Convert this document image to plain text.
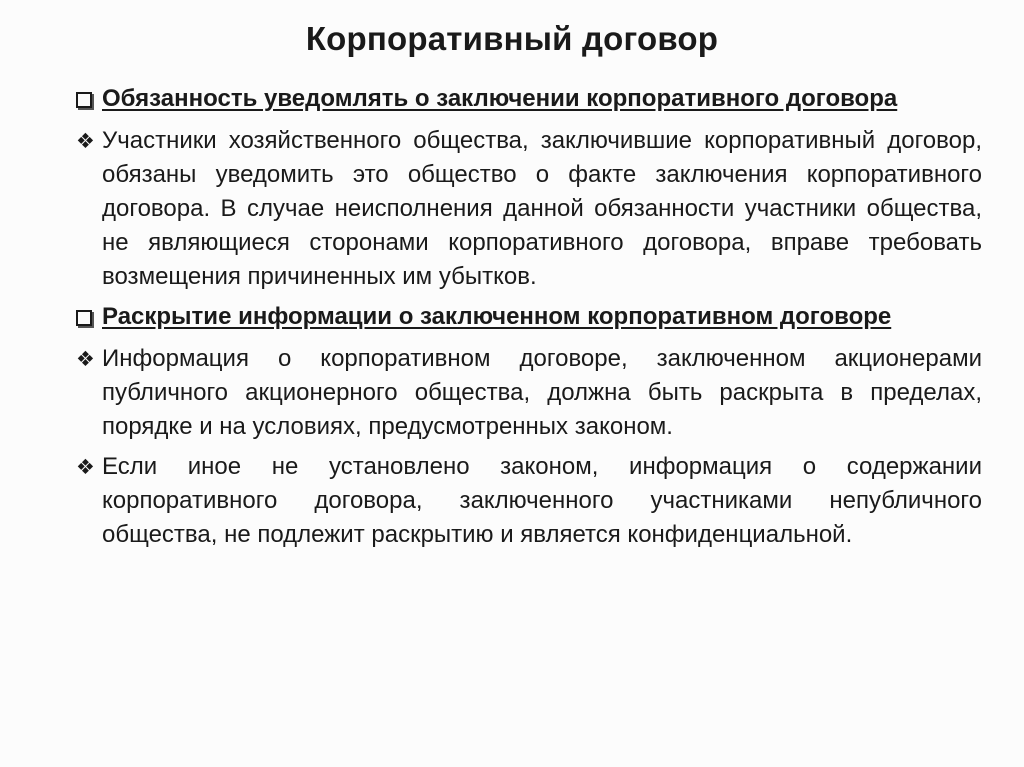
Корпоративный договор
Обязанность уведомлять о заключении корпоративного договора
❖ Участники хозяйственного общества, заключившие корпоративный договор, обязаны уведомить это общество о факте заключения корпоративного договора. В случае неисполнения данной обязанности участники общества, не являющиеся сторонами корпоративного договора, вправе требовать возмещения причиненных им убытков.
Раскрытие информации о заключенном корпоративном договоре
❖ Информация о корпоративном договоре, заключенном акционерами публичного акционерного общества, должна быть раскрыта в пределах, порядке и на условиях, предусмотренных законом.
❖ Если иное не установлено законом, информация о содержании корпоративного договора, заключенного участниками непубличного общества, не подлежит раскрытию и является конфиденциальной.
